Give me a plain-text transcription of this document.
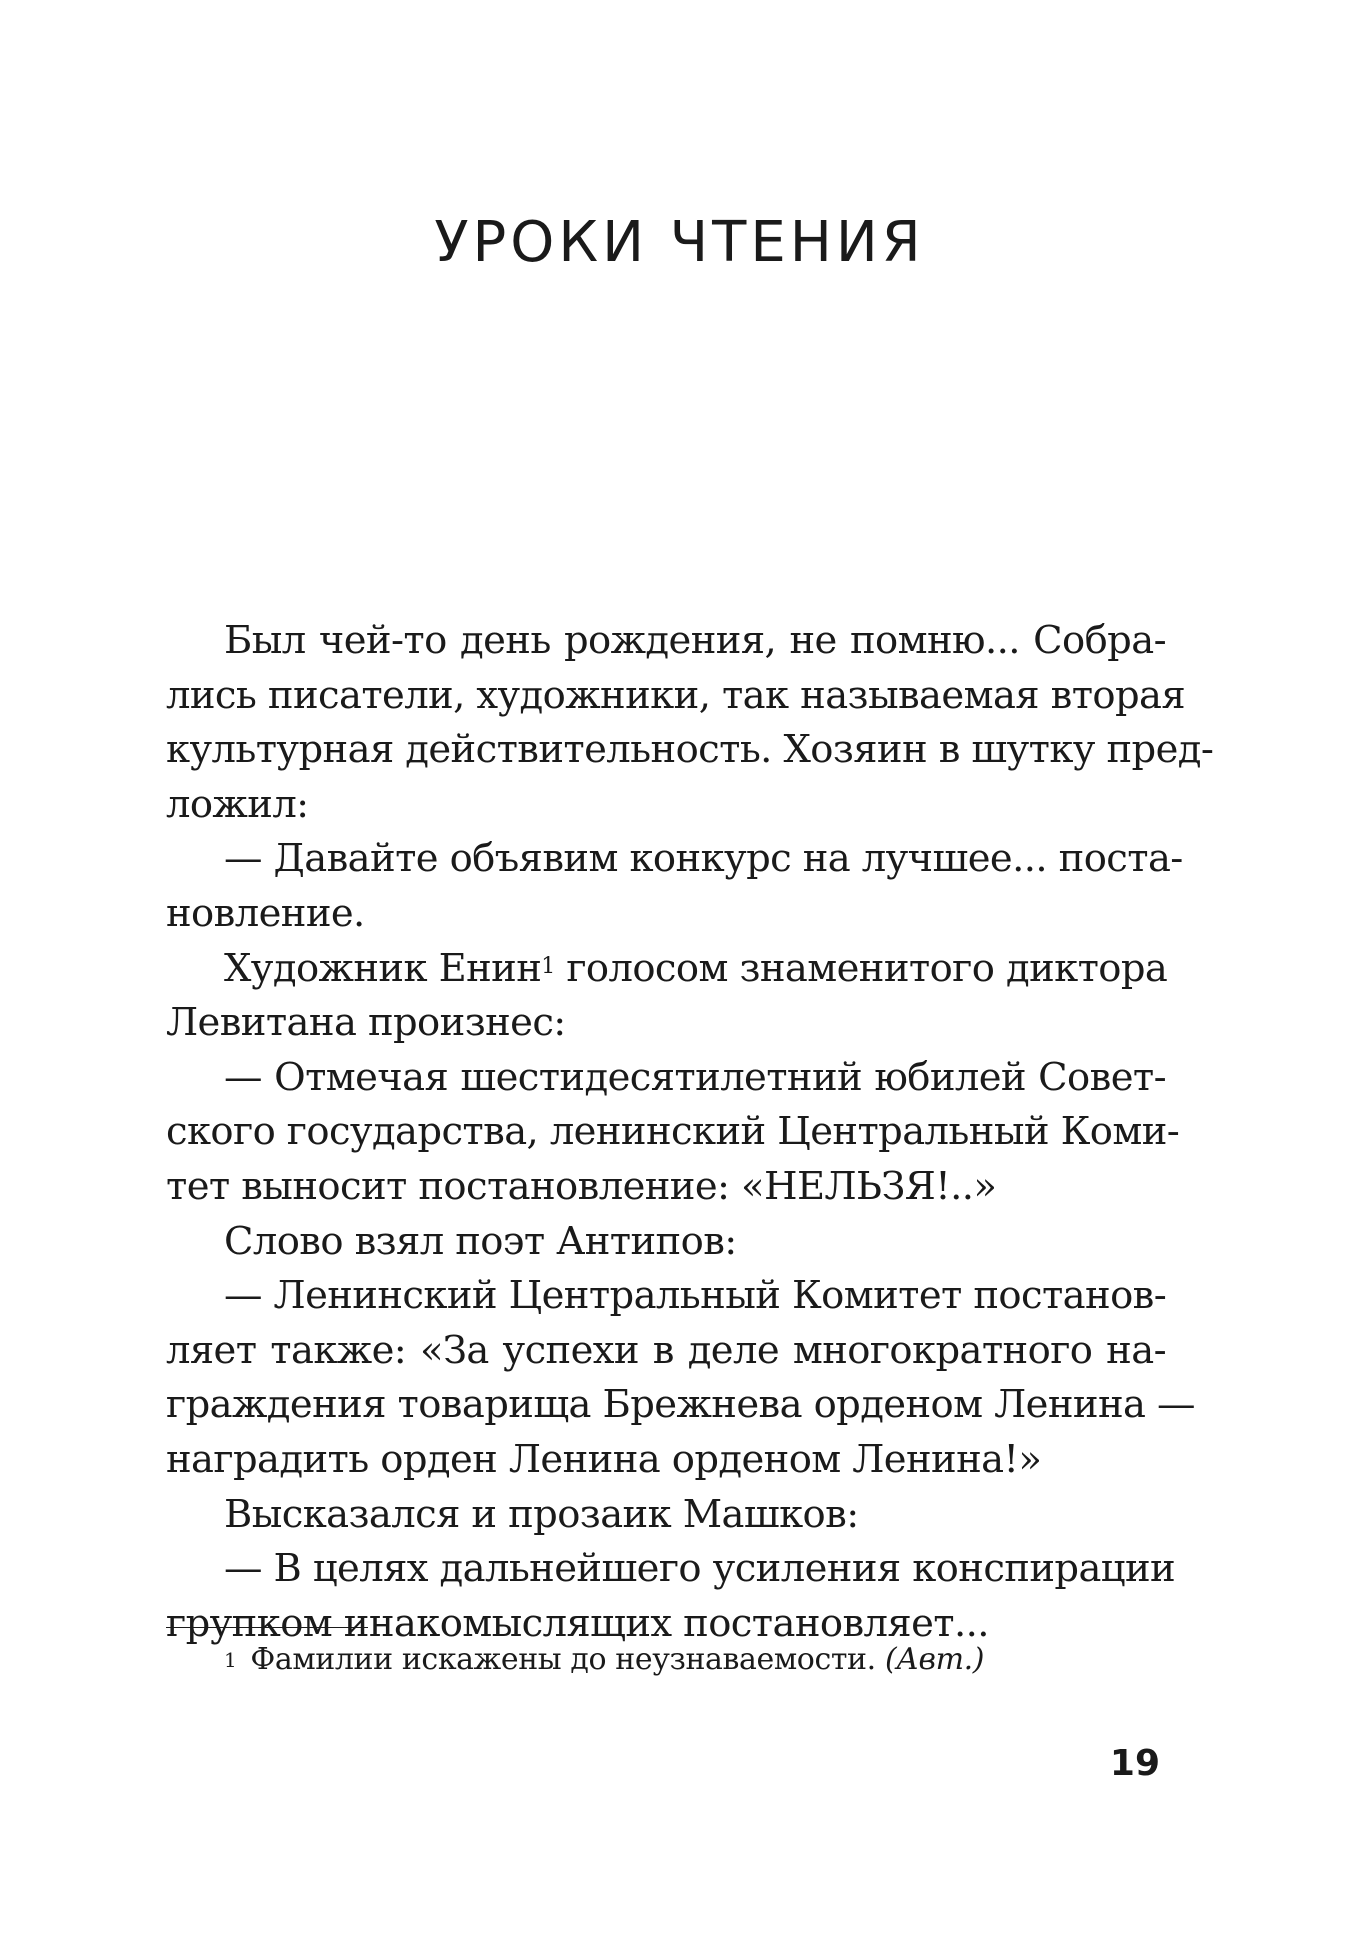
УРОКИ ЧТЕНИЯ
Был чей-то день рождения, не помню... Собра-
лись писатели, художники, так называемая вторая
культурная действительность. Хозяин в шутку пред-
ложил:
— Давайте объявим конкурс на лучшее... поста-
новление.
Художник Енин$^1$ голосом знаменитого диктора
Левитана произнес:
— Отмечая шестидесятилетний юбилей Совет-
ского государства, ленинский Центральный Коми-
тет выносит постановление: «НЕЛЬЗЯ!..»
Слово взял поэт Антипов:
— Ленинский Центральный Комитет постанов-
ляет также: «За успехи в деле многократного на-
граждения товарища Брежнева орденом Ленина —
наградить орден Ленина орденом Ленина!»
Высказался и прозаик Машков:
— В целях дальнейшего усиления конспирации
групком инакомыслящих постановляет...
$^1$ Фамилии искажены до неузнаваемости. (Авт.)
19
